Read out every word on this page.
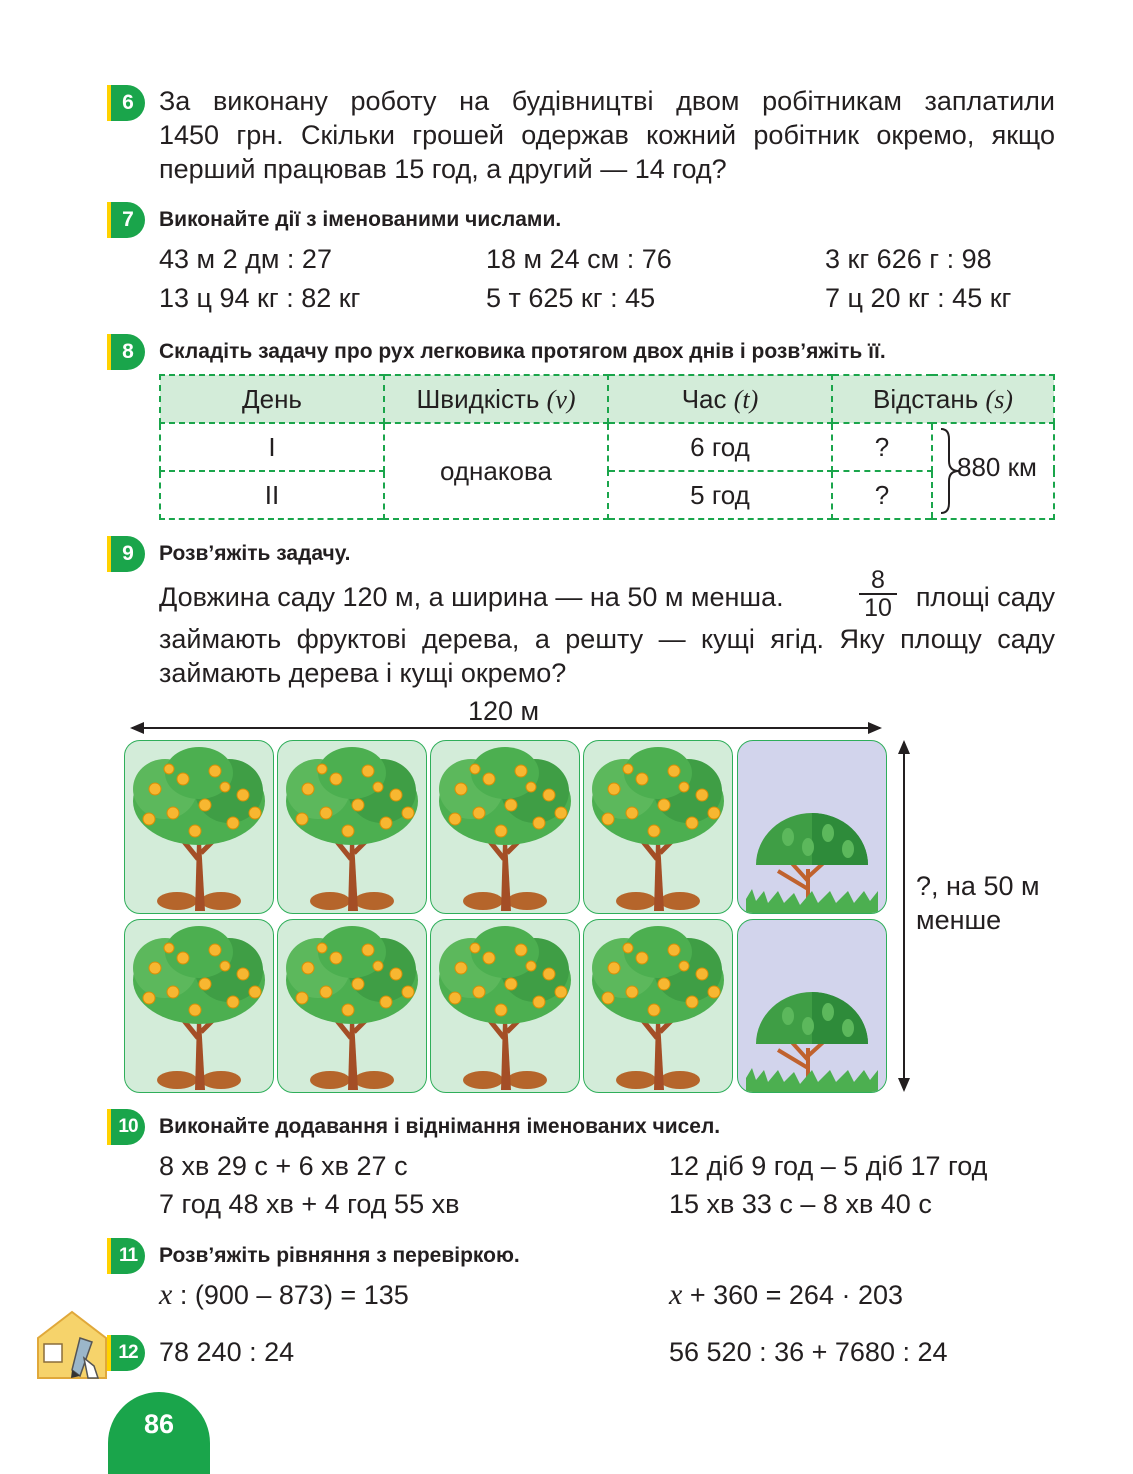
6 За виконану роботу на будівництві двом робітникам заплатили
1450 грн. Скільки грошей одержав кожний робітник окремо, якщо
перший працював 15 год, а другий — 14 год?
7	Виконайте дії з іменованими числами.
43 м 2 дм : 27	18 м 24 см : 76	3 кг 626 г : 98
13 ц 94 кг : 82 кг	5 т 625 кг : 45	7 ц 20 кг : 45 кг
8	Складіть задачу про рух легковика протягом двох днів і розв’яжіть її.
День	Швидкість (v)	Час (t)	Відстань (s)	
I	однакова	6 год	?	880 км

II		5 год	?	
9	Розв’яжіть задачу.
Довжина саду 120 м, а ширина — на 50 м менша.	$\frac{8}{10}$ площі саду
займають фруктові дерева, а решту — кущі ягід. Яку площу саду
займають дерева і кущі окремо?
120 м
?, на 50 м
менше
10	Виконайте додавання і віднімання іменованих чисел.
8 хв 29 с + 6 хв 27 с	12 діб 9 год – 5 діб 17 год
7 год 48 хв + 4 год 55 хв	15 хв 33 с – 8 хв 40 с
11	Розв’яжіть рівняння з перевіркою.
x : (900 – 873) = 135	x + 360 = 264 · 203
12 78 240 : 24	56 520 : 36 + 7680 : 24
86
